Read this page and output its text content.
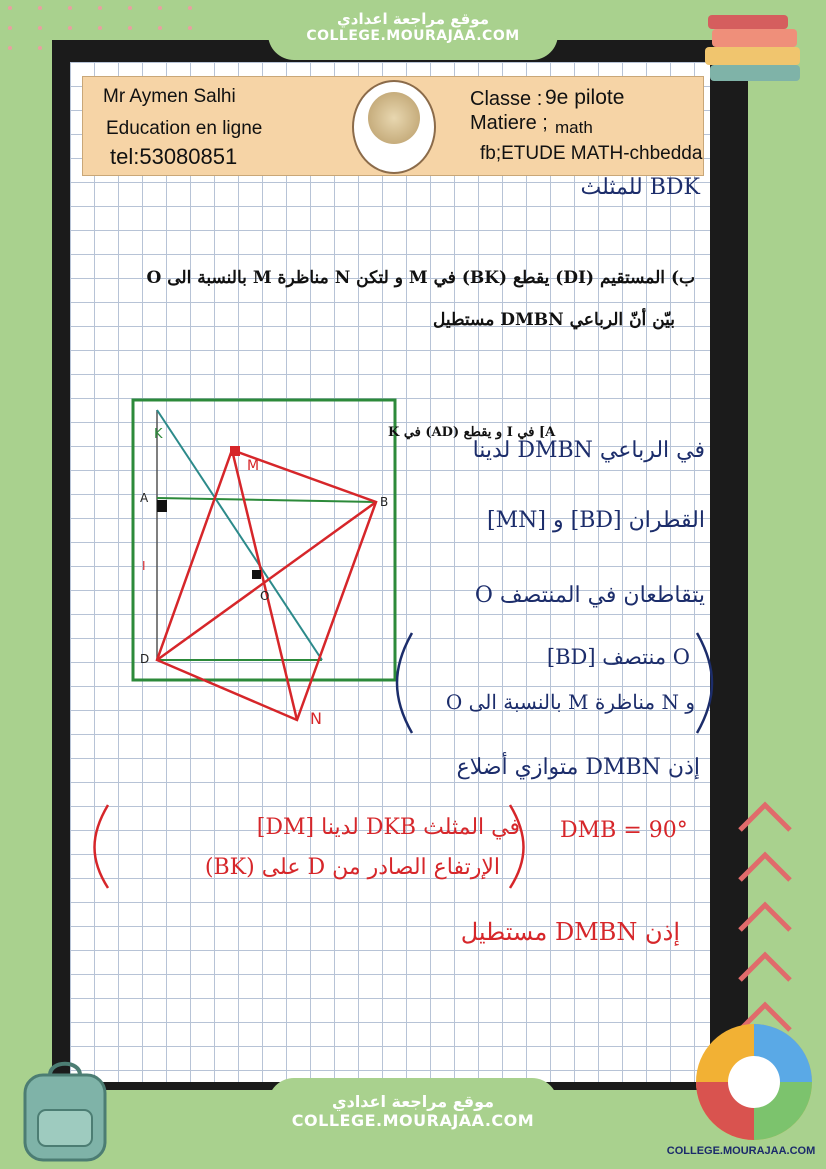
موقع مراجعة اعدادي
COLLEGE.MOURAJAA.COM
Mr Aymen Salhi
Education en ligne
tel:53080851
Classe : 9e pilote
Matiere ; math
fb;ETUDE MATH-chbedda
BDK للمثلث
ب) المستقيم (DI) يقطع (BK) في M و لتكن N مناظرة M بالنسبة الى O
بيّن أنّ الرباعي DMBN مستطيل
K
A	B
D
M
N
O
I
A] في I و يقطع (AD) في K
في الرباعي DMBN لدينا
القطران [BD] و [MN]
يتقاطعان في المنتصف O
O منتصف [BD]
و N مناظرة M بالنسبة الى O
إذن DMBN متوازي أضلاع
في المثلث DKB لدينا [DM]
الإرتفاع الصادر من D على (BK)
DMB = 90°
إذن DMBN مستطيل
موقع مراجعة اعدادي
COLLEGE.MOURAJAA.COM
COLLEGE.MOURAJAA.COM
